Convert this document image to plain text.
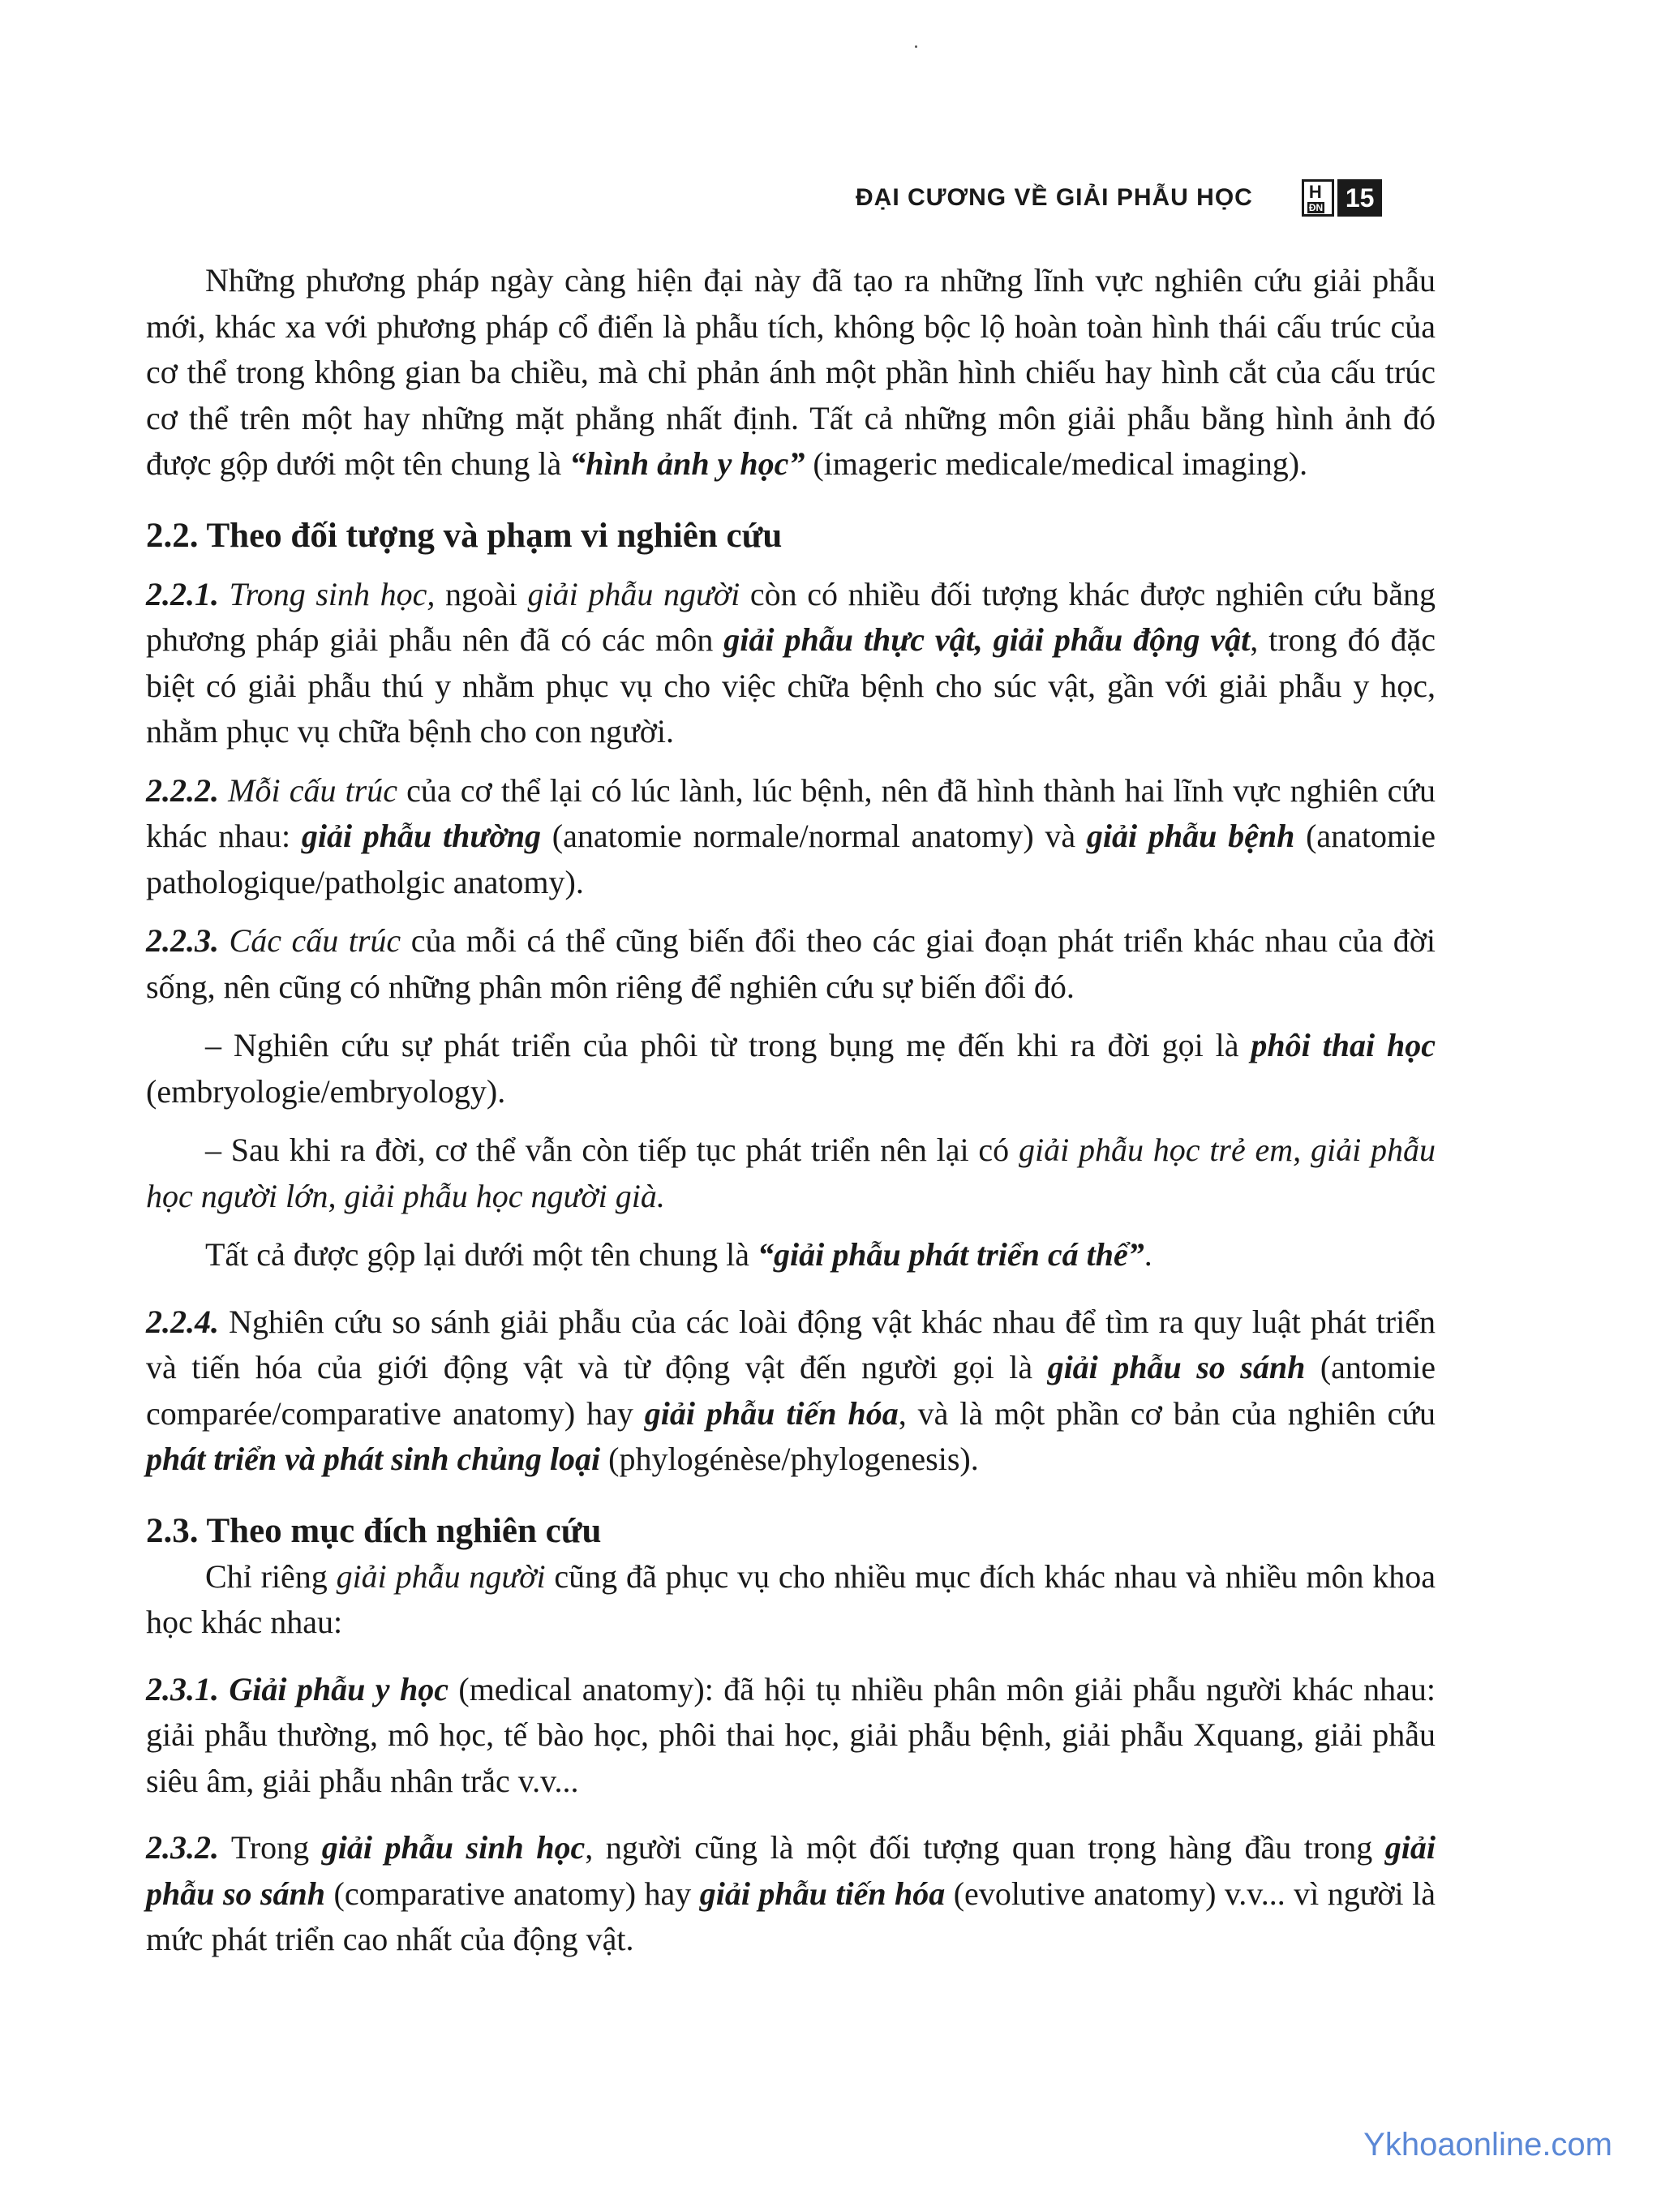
ĐẠI CƯƠNG VỀ GIẢI PHẪU HỌC	H
ĐN 15

Những phương pháp ngày càng hiện đại này đã tạo ra những lĩnh vực nghiên cứu giải phẫu mới, khác xa với phương pháp cổ điển là phẫu tích, không bộc lộ hoàn toàn hình thái cấu trúc của cơ thể trong không gian ba chiều, mà chỉ phản ánh một phần hình chiếu hay hình cắt của cấu trúc cơ thể trên một hay những mặt phẳng nhất định. Tất cả những môn giải phẫu bằng hình ảnh đó được gộp dưới một tên chung là “hình ảnh y học” (imageric medicale/medical imaging).

2.2. Theo đối tượng và phạm vi nghiên cứu

2.2.1. Trong sinh học, ngoài giải phẫu người còn có nhiều đối tượng khác được nghiên cứu bằng phương pháp giải phẫu nên đã có các môn giải phẫu thực vật, giải phẫu động vật, trong đó đặc biệt có giải phẫu thú y nhằm phục vụ cho việc chữa bệnh cho súc vật, gần với giải phẫu y học, nhằm phục vụ chữa bệnh cho con người.

2.2.2. Mỗi cấu trúc của cơ thể lại có lúc lành, lúc bệnh, nên đã hình thành hai lĩnh vực nghiên cứu khác nhau: giải phẫu thường (anatomie normale/normal anatomy) và giải phẫu bệnh (anatomie pathologique/patholgic anatomy).

2.2.3. Các cấu trúc của mỗi cá thể cũng biến đổi theo các giai đoạn phát triển khác nhau của đời sống, nên cũng có những phân môn riêng để nghiên cứu sự biến đổi đó.

– Nghiên cứu sự phát triển của phôi từ trong bụng mẹ đến khi ra đời gọi là phôi thai học (embryologie/embryology).

– Sau khi ra đời, cơ thể vẫn còn tiếp tục phát triển nên lại có giải phẫu học trẻ em, giải phẫu học người lớn, giải phẫu học người già.

Tất cả được gộp lại dưới một tên chung là “giải phẫu phát triển cá thể”.

2.2.4. Nghiên cứu so sánh giải phẫu của các loài động vật khác nhau để tìm ra quy luật phát triển và tiến hóa của giới động vật và từ động vật đến người gọi là giải phẫu so sánh (antomie comparée/comparative anatomy) hay giải phẫu tiến hóa, và là một phần cơ bản của nghiên cứu phát triển và phát sinh chủng loại (phylogénèse/phylogenesis).

2.3. Theo mục đích nghiên cứu

Chỉ riêng giải phẫu người cũng đã phục vụ cho nhiều mục đích khác nhau và nhiều môn khoa học khác nhau:

2.3.1. Giải phẫu y học (medical anatomy): đã hội tụ nhiều phân môn giải phẫu người khác nhau: giải phẫu thường, mô học, tế bào học, phôi thai học, giải phẫu bệnh, giải phẫu Xquang, giải phẫu siêu âm, giải phẫu nhân trắc v.v...

2.3.2. Trong giải phẫu sinh học, người cũng là một đối tượng quan trọng hàng đầu trong giải phẫu so sánh (comparative anatomy) hay giải phẫu tiến hóa (evolutive anatomy) v.v... vì người là mức phát triển cao nhất của động vật.

Ykhoaonline.com
